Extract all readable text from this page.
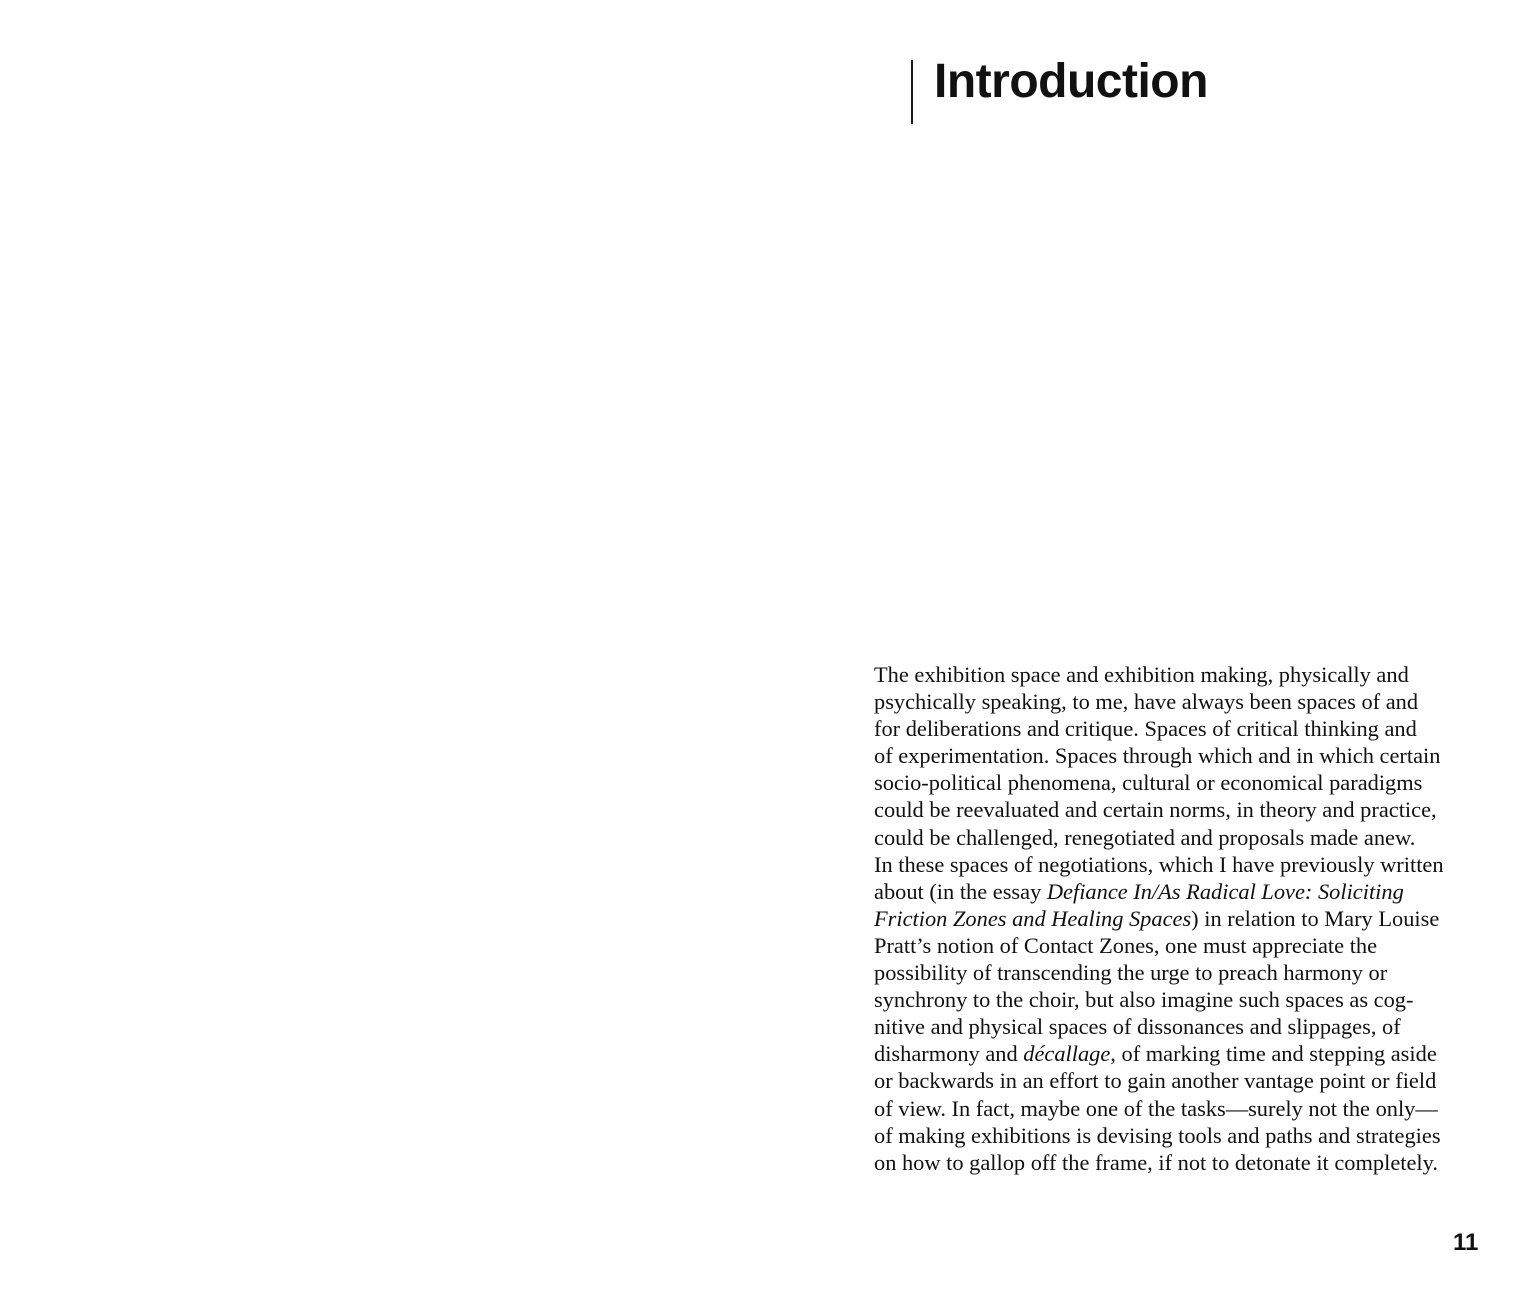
Introduction
The exhibition space and exhibition making, physically and
psychically speaking, to me, have always been spaces of and
for deliberations and critique. Spaces of critical thinking and
of experimentation. Spaces through which and in which certain
socio-political phenomena, cultural or economical paradigms
could be reevaluated and certain norms, in theory and practice,
could be challenged, renegotiated and proposals made anew.
In these spaces of negotiations, which I have previously written
about (in the essay Defiance In/As Radical Love: Soliciting
Friction Zones and Healing Spaces) in relation to Mary Louise
Pratt’s notion of Contact Zones, one must appreciate the
possibility of transcending the urge to preach harmony or
synchrony to the choir, but also imagine such spaces as cog-
nitive and physical spaces of dissonances and slippages, of
disharmony and décallage, of marking time and stepping aside
or backwards in an effort to gain another vantage point or field
of view. In fact, maybe one of the tasks—surely not the only—
of making exhibitions is devising tools and paths and strategies
on how to gallop off the frame, if not to detonate it completely.
11
